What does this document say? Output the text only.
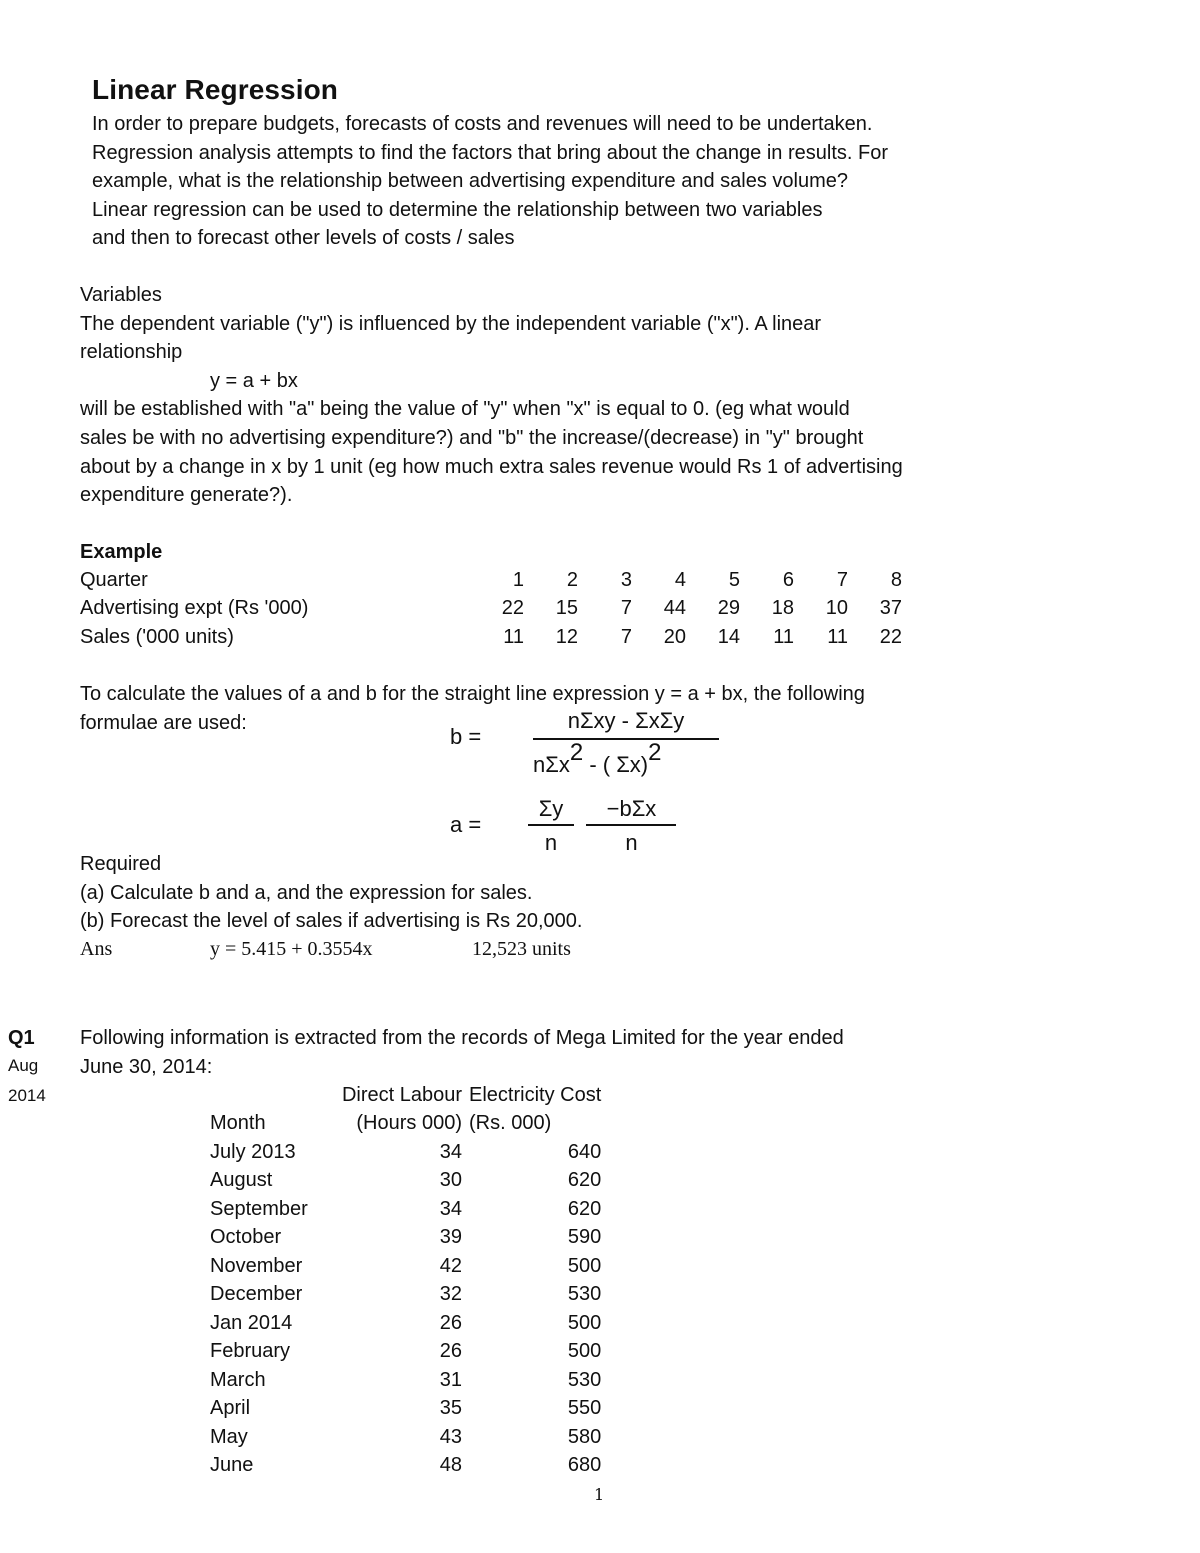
Linear Regression
In order to prepare budgets, forecasts of costs and revenues will need to be undertaken.
Regression analysis attempts to find the factors that bring about the change in results. For
example, what is the relationship between advertising expenditure and sales volume?
Linear regression can be used to determine the relationship between two variables
and then to forecast other levels of costs / sales
Variables
The dependent variable ("y") is influenced by the independent variable ("x"). A linear
relationship
y = a + bx
will be established with "a" being the value of "y" when "x" is equal to 0. (eg what would
sales be with no advertising expenditure?) and "b" the increase/(decrease) in "y" brought
about by a change in x by 1 unit (eg how much extra sales revenue would Rs 1 of advertising
expenditure generate?).
Example
Quarter	1	2	3	4	5	6	7	8
Advertising expt (Rs '000)	22	15	7	44	29	18	10	37
Sales ('000 units)	11	12	7	20	14	11	11	22
To calculate the values of a and b for the straight line expression y = a + bx, the following
formulae are used:
b =
nΣxy - ΣxΣy
nΣx2 - ( Σx)2
$a = \frac{\Sigma y}{n}$
$\frac{\text{−bΣx}}{n}$
Required
(a) Calculate b and a, and the expression for sales.
(b) Forecast the level of sales if advertising is Rs 20,000.
Ans	y = 5.415 + 0.3554x	12,523 units
Q1
Aug
2014
Following information is extracted from the records of Mega Limited for the year ended
June 30, 2014:
	Direct Labour	Electricity Cost
Month	(Hours 000)	(Rs. 000)
July 2013	34	640
August	30	620
September	34	620
October	39	590
November	42	500
December	32	530
Jan 2014	26	500
February	26	500
March	31	530
April	35	550
May	43	580
June	48	680
1
